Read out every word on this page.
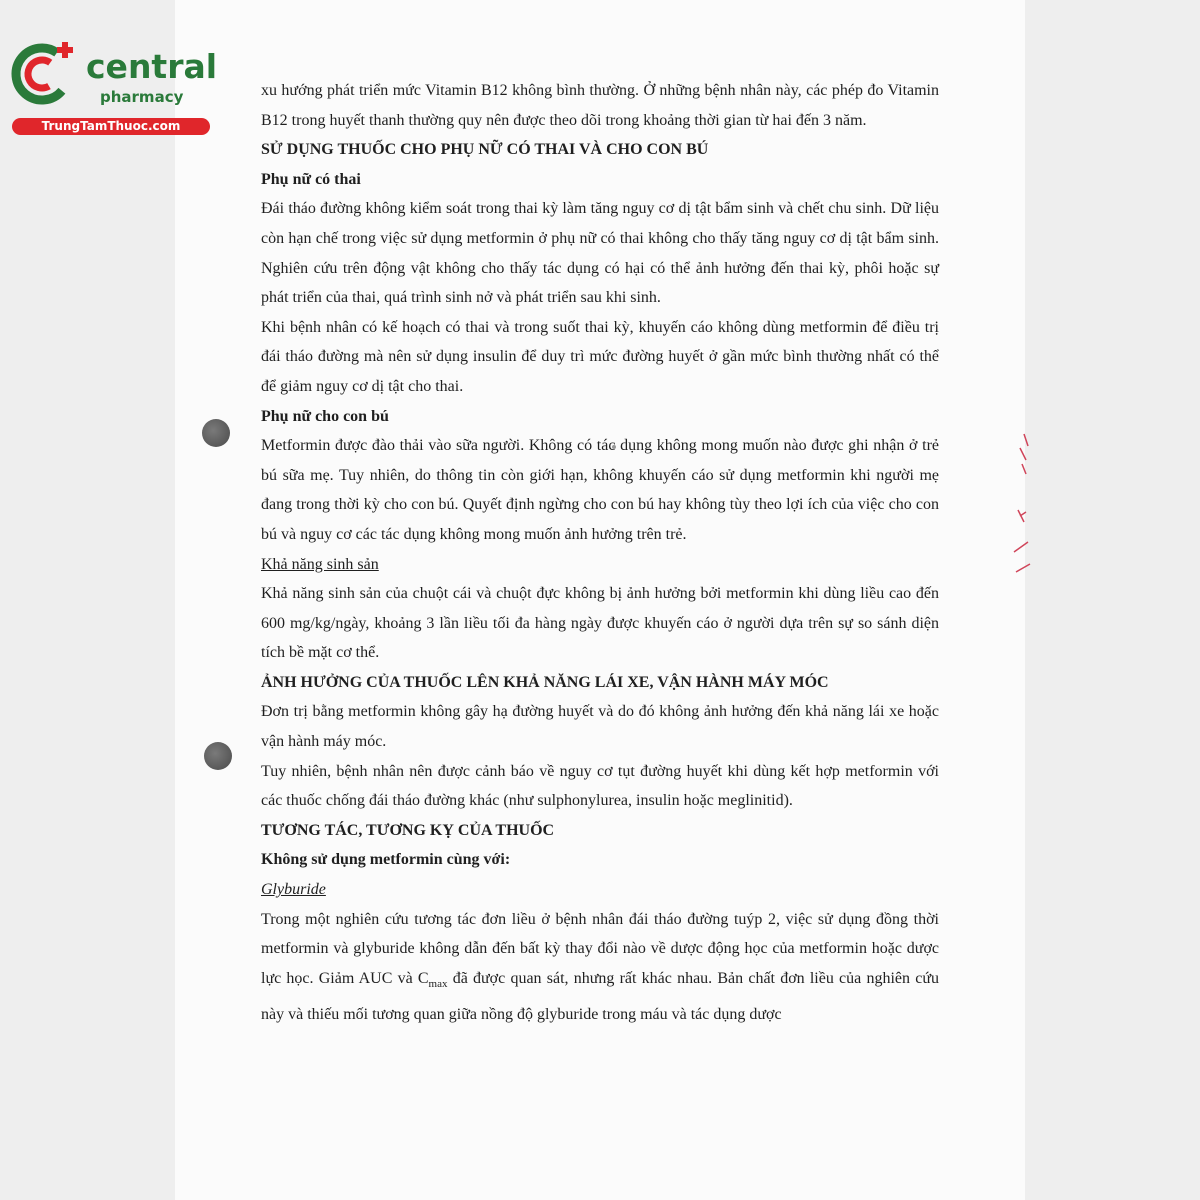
central
pharmacy
TrungTamThuoc.com

xu hướng phát triển mức Vitamin B12 không bình thường. Ở những bệnh nhân này, các phép đo Vitamin B12 trong huyết thanh thường quy nên được theo dõi trong khoảng thời gian từ hai đến 3 năm.

SỬ DỤNG THUỐC CHO PHỤ NỮ CÓ THAI VÀ CHO CON BÚ

Phụ nữ có thai

Đái tháo đường không kiểm soát trong thai kỳ làm tăng nguy cơ dị tật bẩm sinh và chết chu sinh. Dữ liệu còn hạn chế trong việc sử dụng metformin ở phụ nữ có thai không cho thấy tăng nguy cơ dị tật bẩm sinh. Nghiên cứu trên động vật không cho thấy tác dụng có hại có thể ảnh hưởng đến thai kỳ, phôi hoặc sự phát triển của thai, quá trình sinh nở và phát triển sau khi sinh.

Khi bệnh nhân có kế hoạch có thai và trong suốt thai kỳ, khuyến cáo không dùng metformin để điều trị đái tháo đường mà nên sử dụng insulin để duy trì mức đường huyết ở gần mức bình thường nhất có thể để giảm nguy cơ dị tật cho thai.

Phụ nữ cho con bú

Metformin được đào thải vào sữa người. Không có tác dụng không mong muốn nào được ghi nhận ở trẻ bú sữa mẹ. Tuy nhiên, do thông tin còn giới hạn, không khuyến cáo sử dụng metformin khi người mẹ đang trong thời kỳ cho con bú. Quyết định ngừng cho con bú hay không tùy theo lợi ích của việc cho con bú và nguy cơ các tác dụng không mong muốn ảnh hưởng trên trẻ.

Khả năng sinh sản

Khả năng sinh sản của chuột cái và chuột đực không bị ảnh hưởng bởi metformin khi dùng liều cao đến 600 mg/kg/ngày, khoảng 3 lần liều tối đa hàng ngày được khuyến cáo ở người dựa trên sự so sánh diện tích bề mặt cơ thể.

ẢNH HƯỞNG CỦA THUỐC LÊN KHẢ NĂNG LÁI XE, VẬN HÀNH MÁY MÓC

Đơn trị bằng metformin không gây hạ đường huyết và do đó không ảnh hưởng đến khả năng lái xe hoặc vận hành máy móc.

Tuy nhiên, bệnh nhân nên được cảnh báo về nguy cơ tụt đường huyết khi dùng kết hợp metformin với các thuốc chống đái tháo đường khác (như sulphonylurea, insulin hoặc meglinitid).

TƯƠNG TÁC, TƯƠNG KỴ CỦA THUỐC

Không sử dụng metformin cùng với:

Glyburide

Trong một nghiên cứu tương tác đơn liều ở bệnh nhân đái tháo đường tuýp 2, việc sử dụng đồng thời metformin và glyburide không dẫn đến bất kỳ thay đổi nào về dược động học của metformin hoặc dược lực học. Giảm AUC và $C_{max}$ đã được quan sát, nhưng rất khác nhau. Bản chất đơn liều của nghiên cứu này và thiếu mối tương quan giữa nồng độ glyburide trong máu và tác dụng dược
